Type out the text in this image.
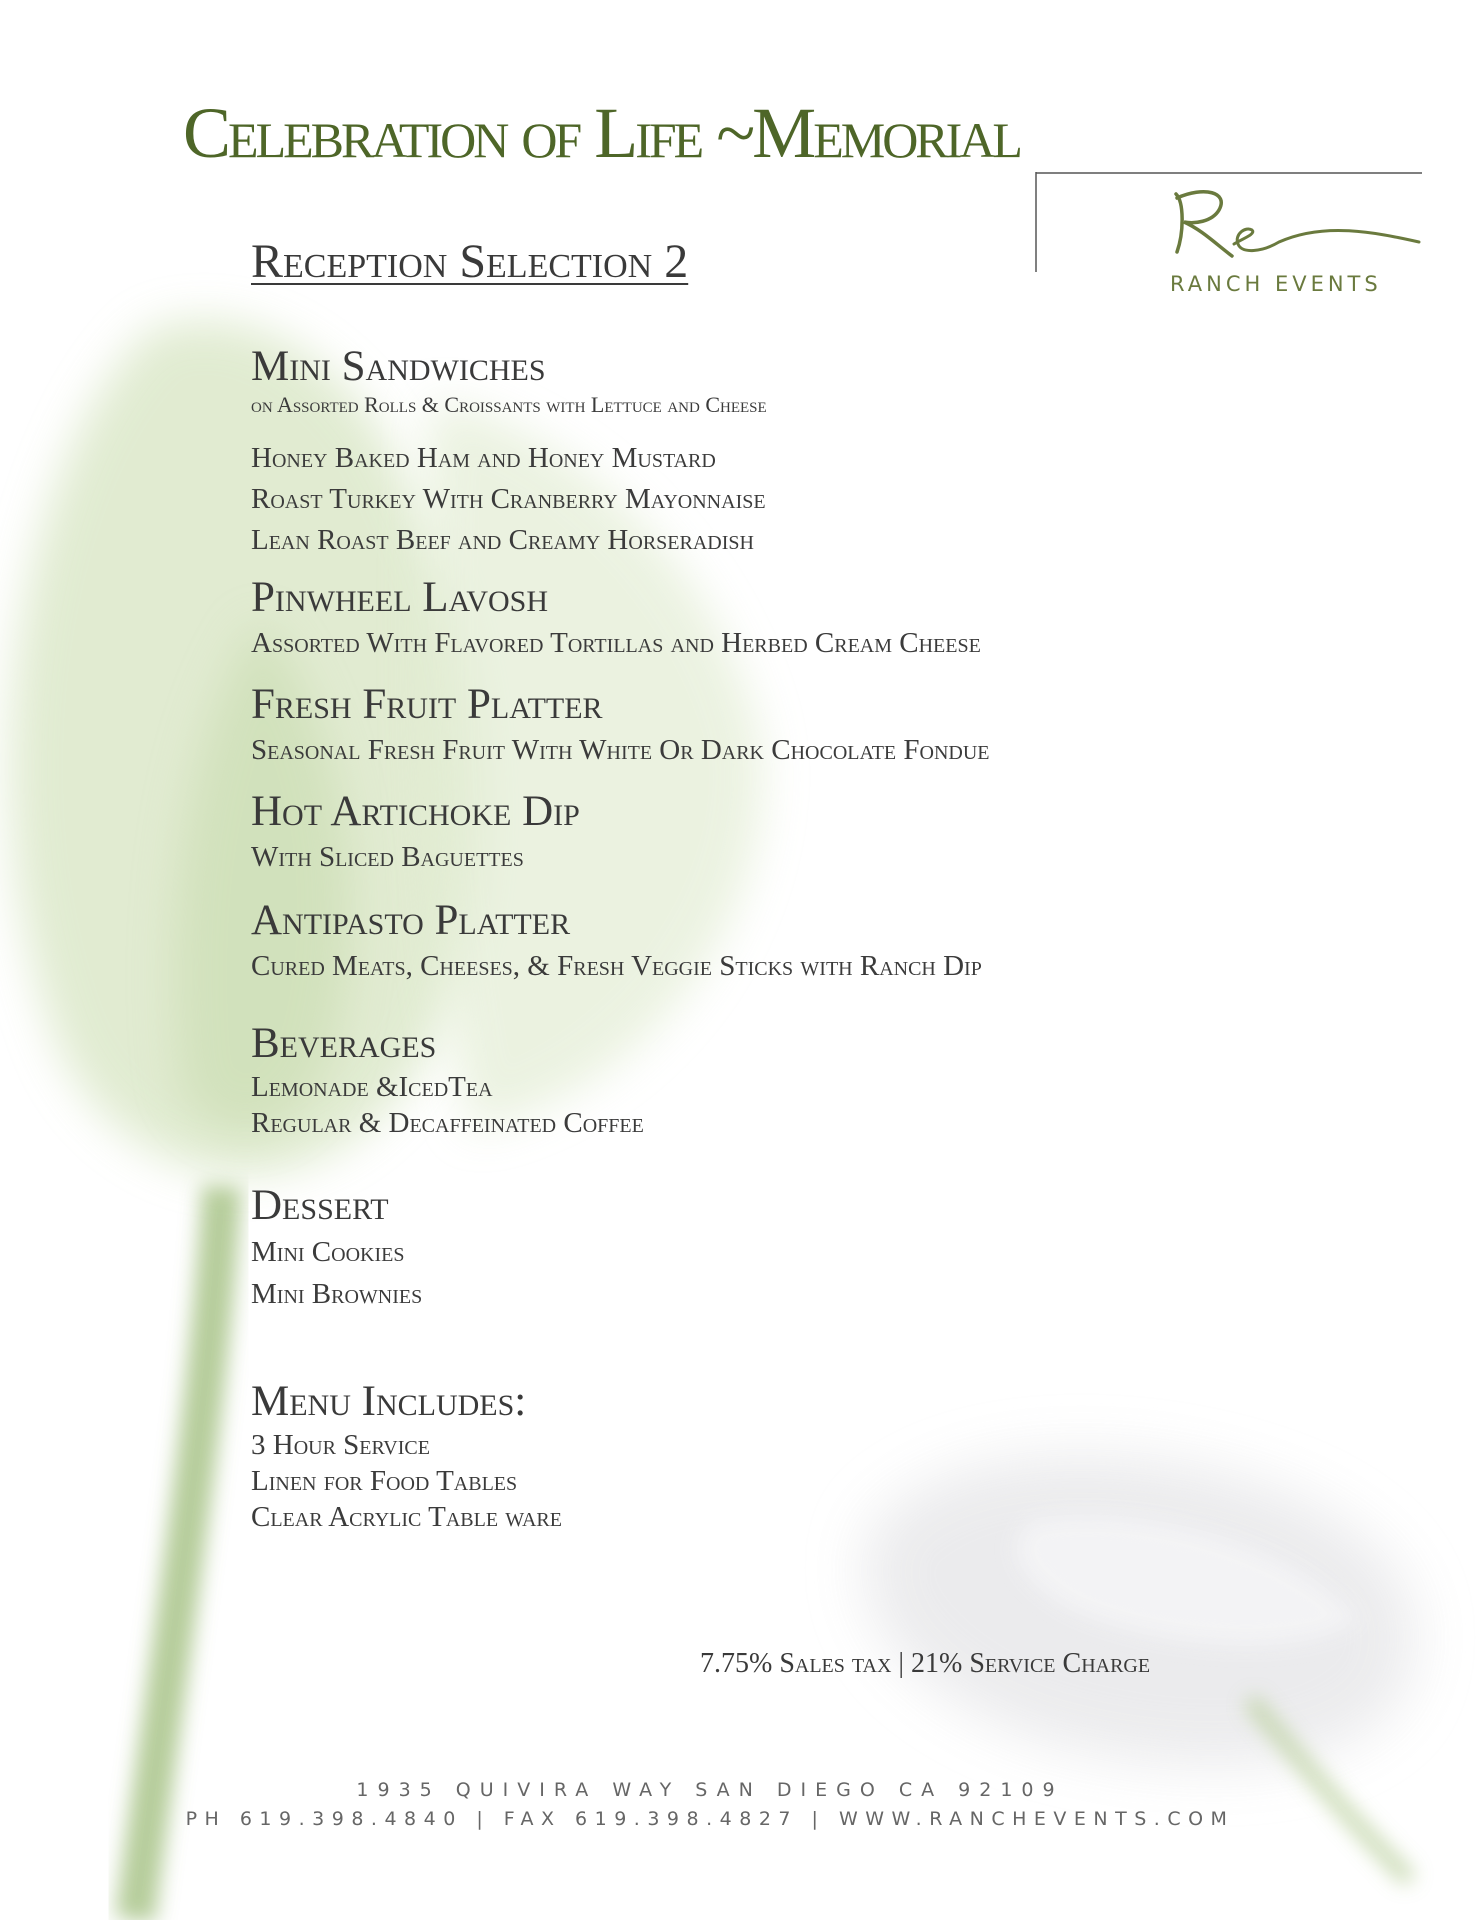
Celebration of Life ~Memorial
RANCH EVENTS
Reception Selection 2
Mini Sandwiches
on Assorted Rolls & Croissants with Lettuce and Cheese
Honey Baked Ham and Honey Mustard
Roast Turkey With Cranberry Mayonnaise
Lean Roast Beef and Creamy Horseradish
Pinwheel Lavosh
Assorted With Flavored Tortillas and Herbed Cream Cheese
Fresh Fruit Platter
Seasonal Fresh Fruit With White Or Dark Chocolate Fondue
Hot Artichoke Dip
With Sliced Baguettes
Antipasto Platter
Cured Meats, Cheeses, & Fresh Veggie Sticks with Ranch Dip
Beverages
Lemonade &IcedTea
Regular & Decaffeinated Coffee
Dessert
Mini Cookies
Mini Brownies
Menu Includes:
3 Hour Service
Linen for Food Tables
Clear Acrylic Table ware
7.75% Sales tax | 21% Service Charge
1935 QUIVIRA WAY SAN DIEGO CA 92109
PH 619.398.4840 | FAX 619.398.4827 | WWW.RANCHEVENTS.COM
